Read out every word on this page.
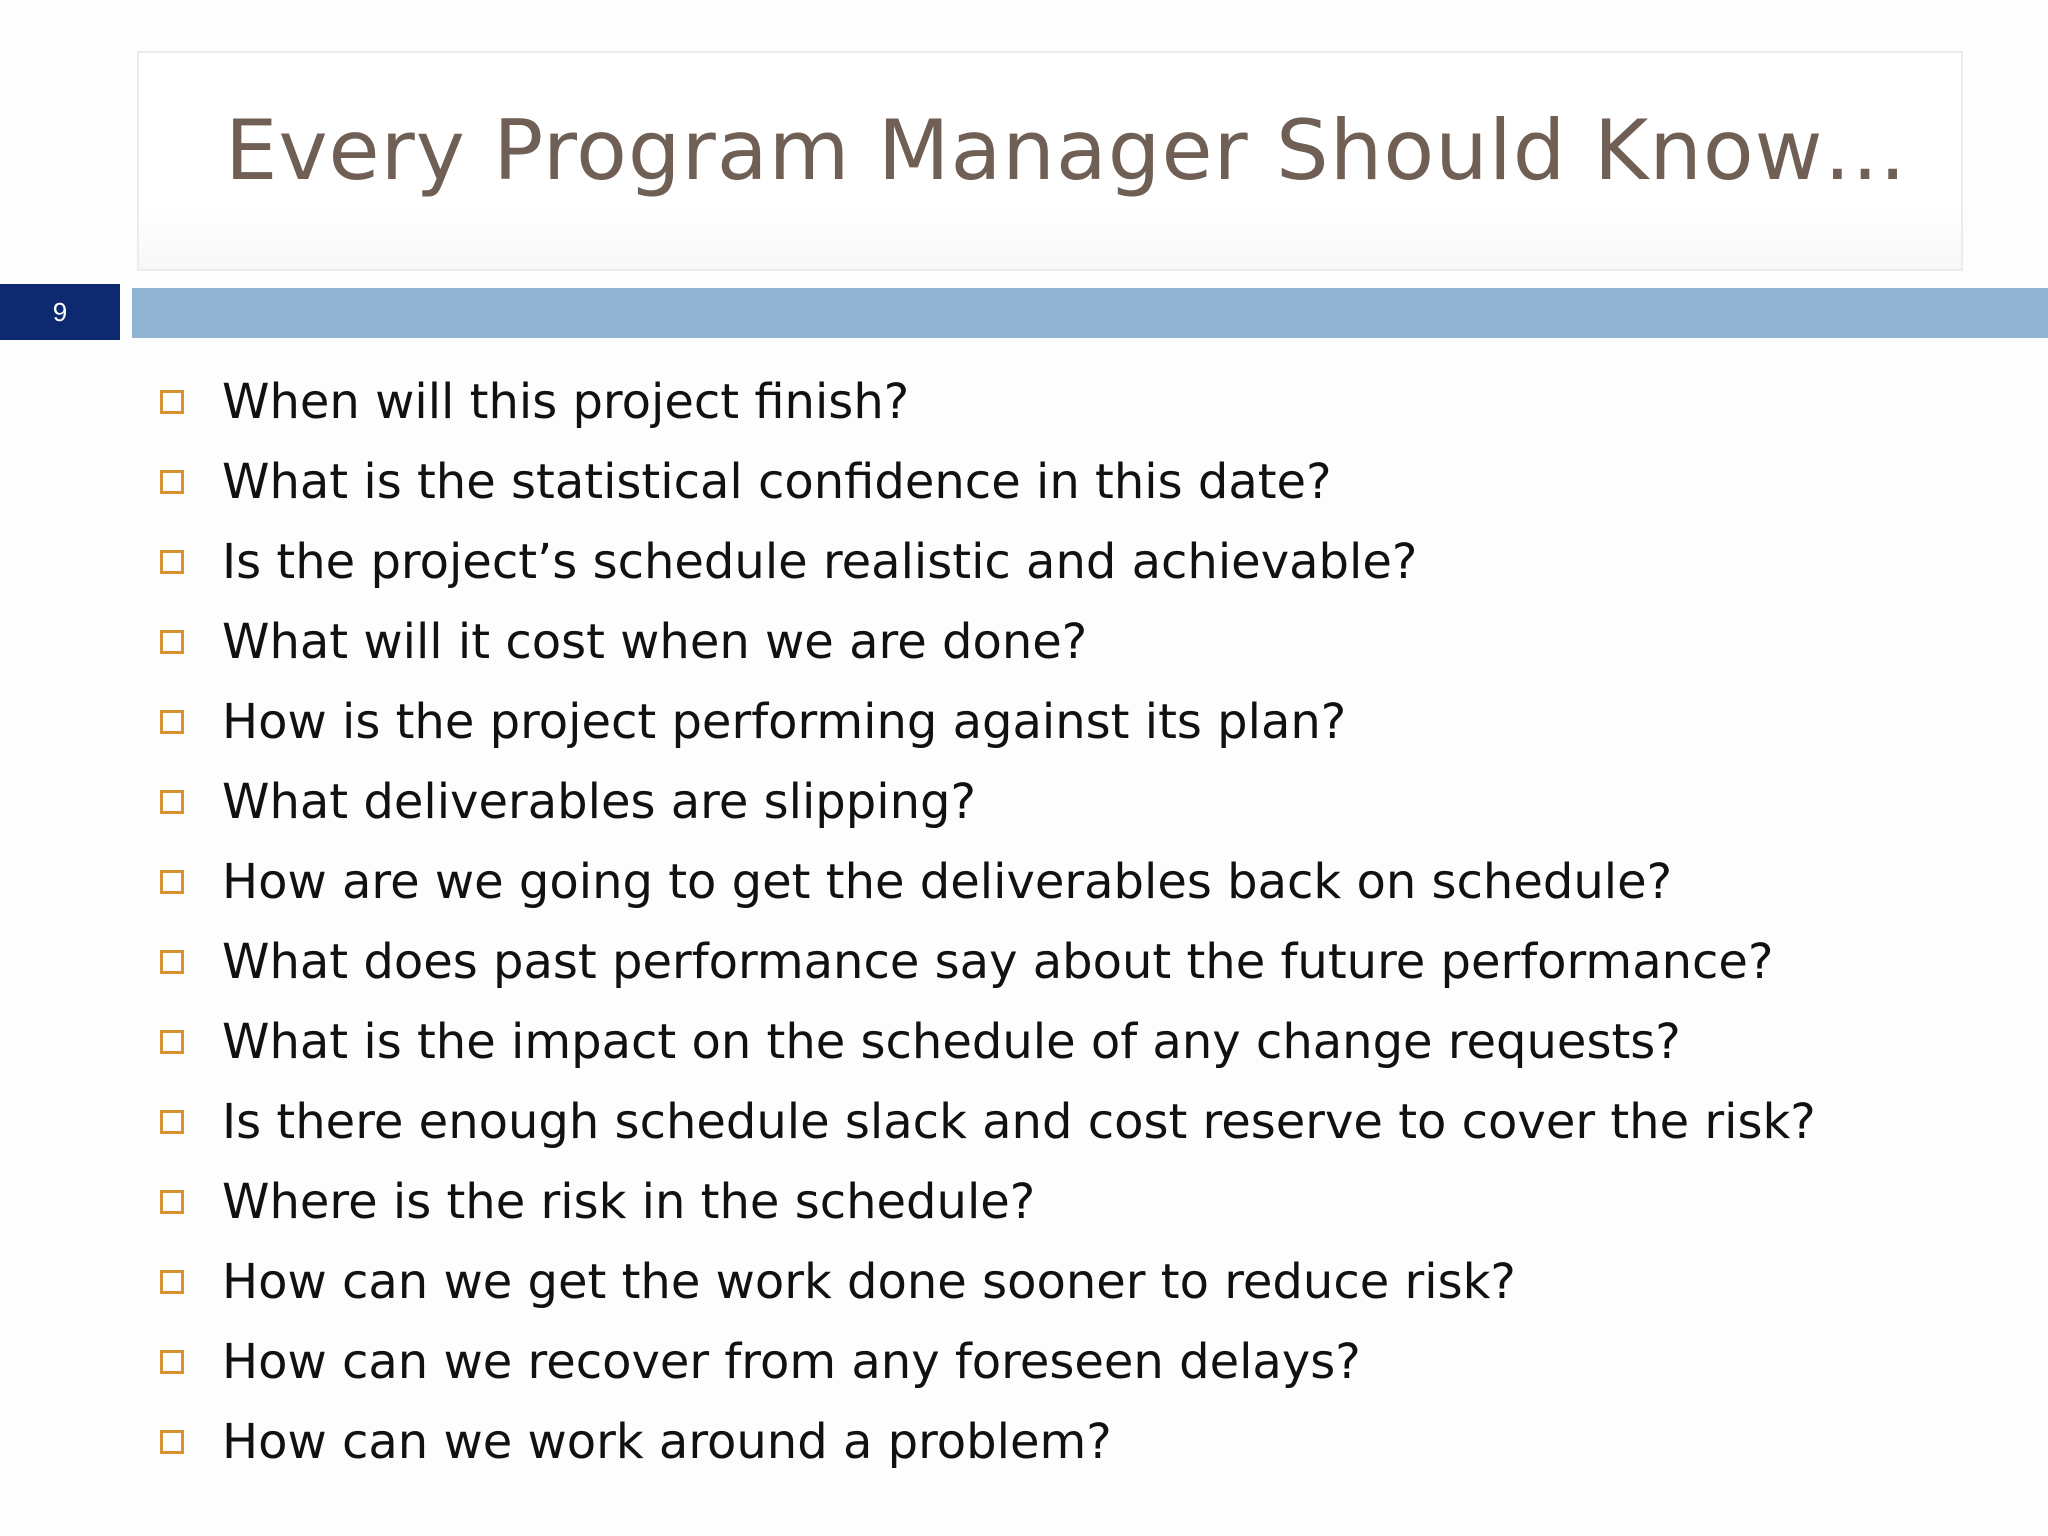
Every Program Manager Should Know…
9
When will this project finish?
What is the statistical confidence in this date?
Is the project’s schedule realistic and achievable?
What will it cost when we are done?
How is the project performing against its plan?
What deliverables are slipping?
How are we going to get the deliverables back on schedule?
What does past performance say about the future performance?
What is the impact on the schedule of any change requests?
Is there enough schedule slack and cost reserve to cover the risk?
Where is the risk in the schedule?
How can we get the work done sooner to reduce risk?
How can we recover from any foreseen delays?
How can we work around a problem?
